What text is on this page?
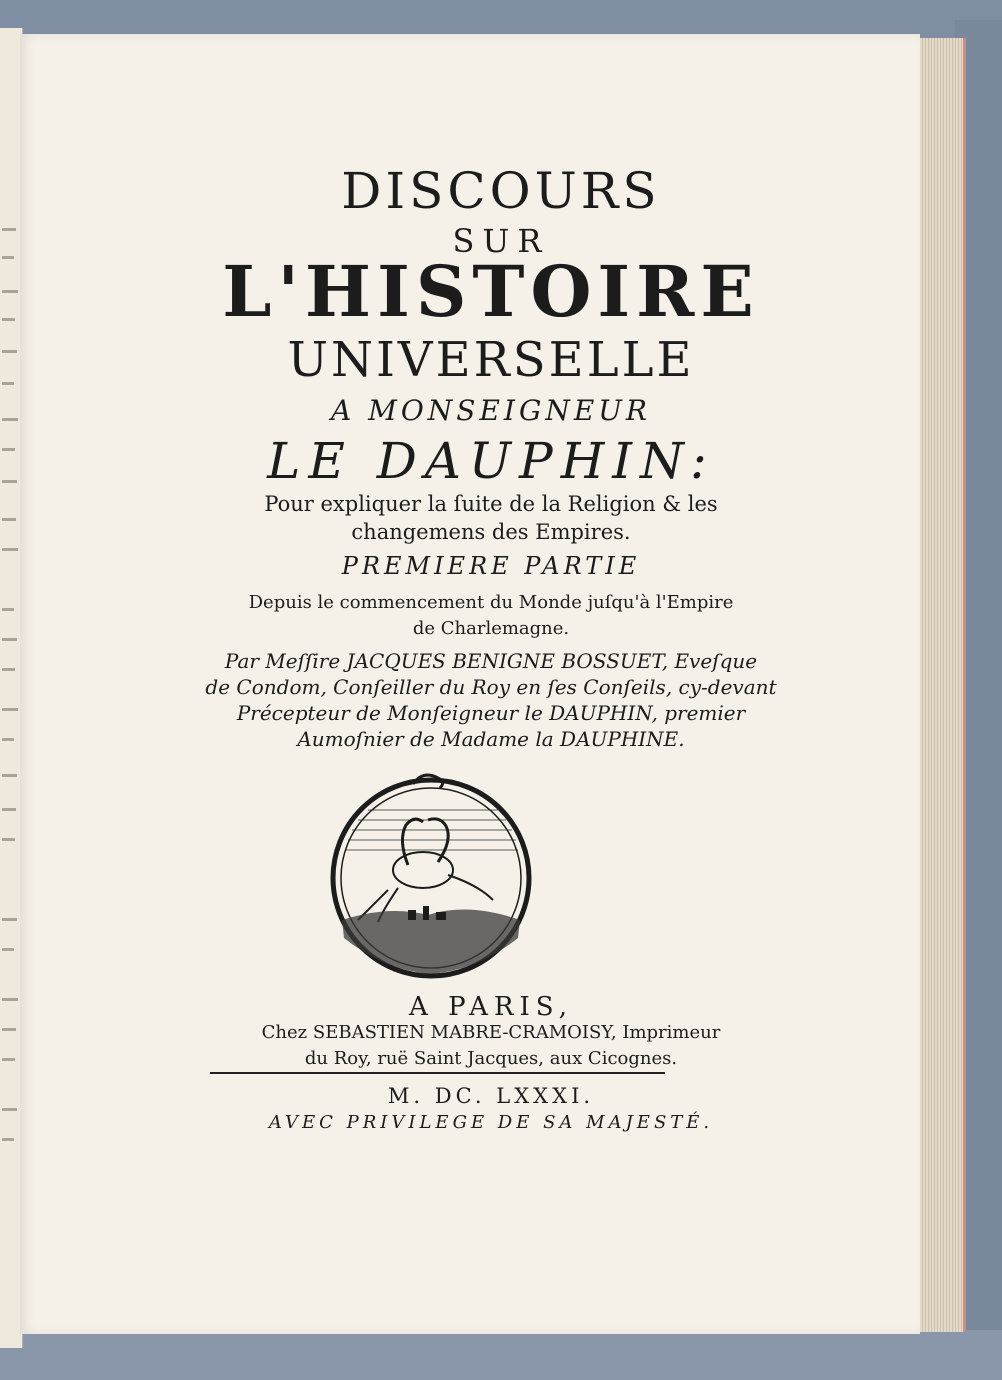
DISCOURS
SUR
L'HISTOIRE
UNIVERSELLE
A MONSEIGNEUR
LE DAUPHIN:
Pour expliquer la ſuite de la Religion & les
changemens des Empires.
PREMIERE PARTIE
Depuis le commencement du Monde juſqu'à l'Empire
de Charlemagne.
Par Meſſire JACQUES BENIGNE BOSSUET, Eveſque
de Condom, Conſeiller du Roy en ſes Conſeils, cy-devant
Précepteur de Monſeigneur le DAUPHIN, premier
Aumoſnier de Madame la DAUPHINE.
A PARIS,
Chez SEBASTIEN MABRE-CRAMOISY, Imprimeur
du Roy, ruë Saint Jacques, aux Cicognes.
M. DC. LXXXI.
AVEC PRIVILEGE DE SA MAJESTÉ.
